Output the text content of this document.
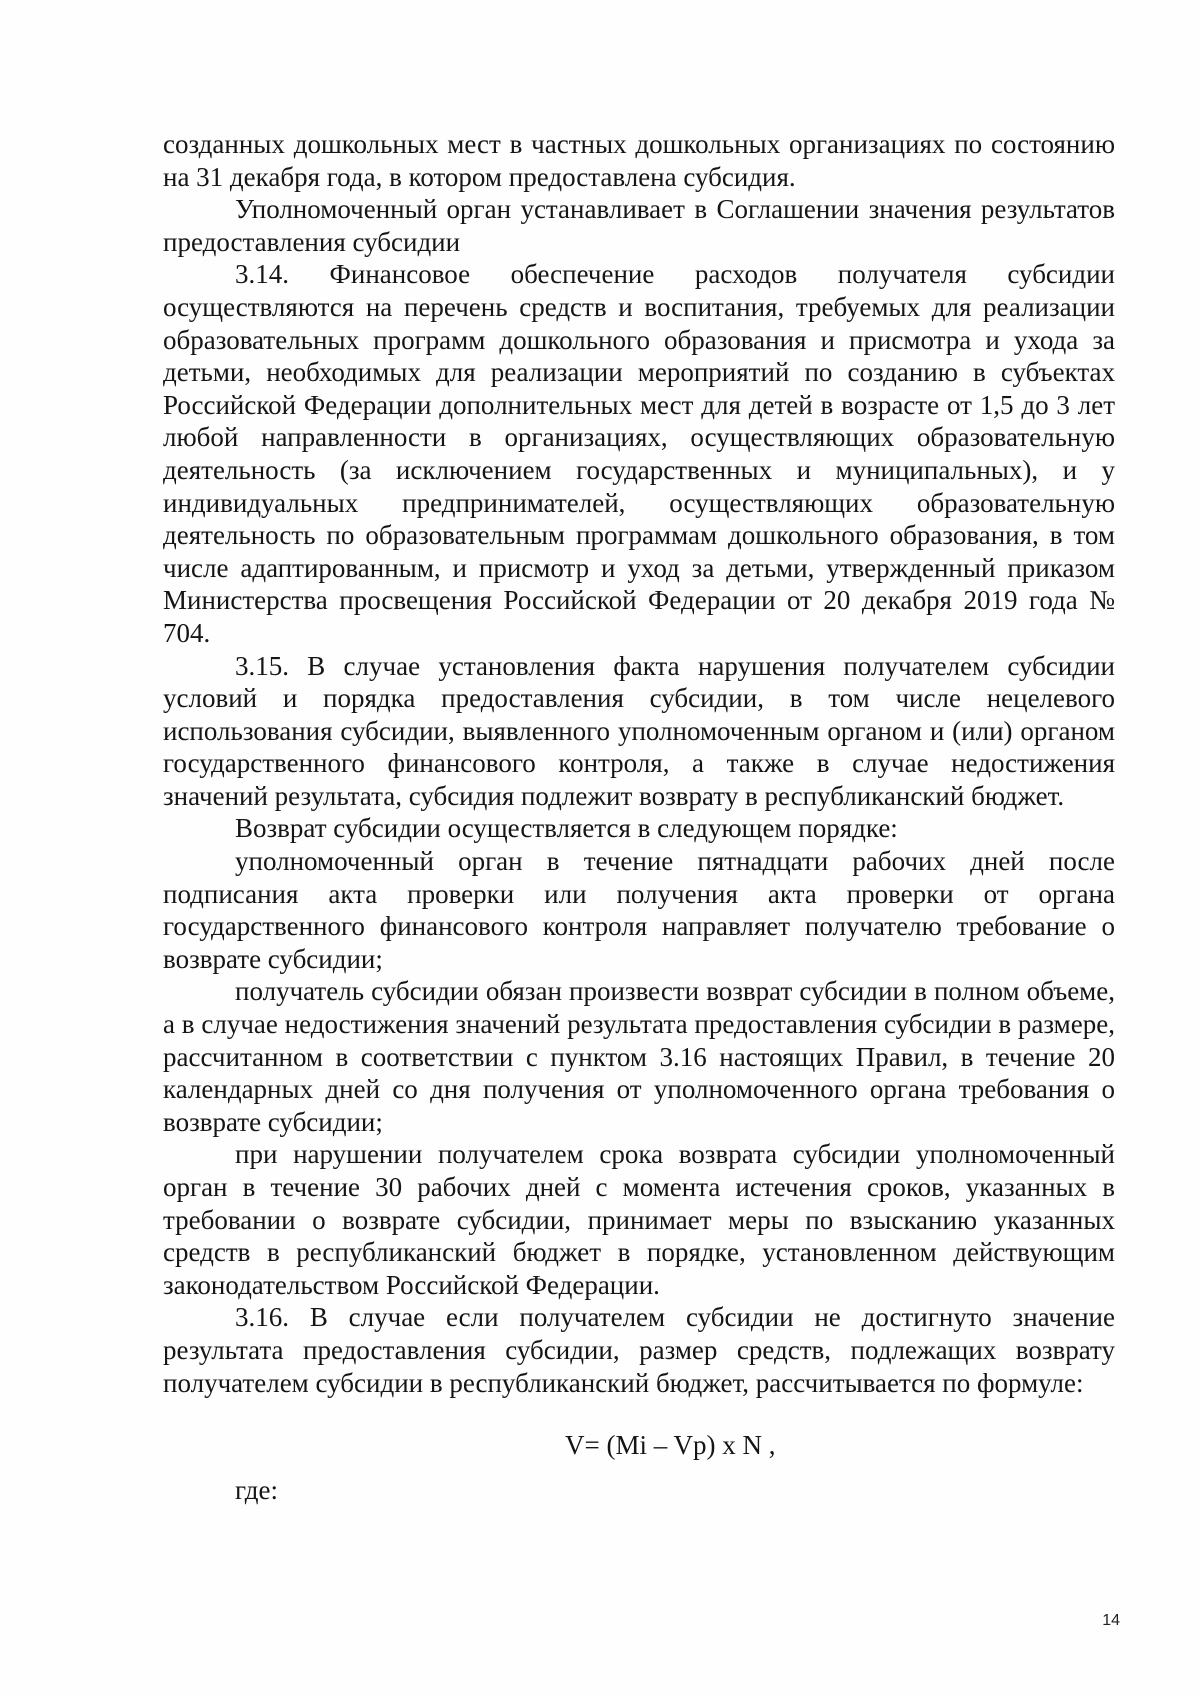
созданных дошкольных мест в частных дошкольных организациях по состоянию на 31 декабря года, в котором предоставлена субсидия.

Уполномоченный орган устанавливает в Соглашении значения результатов предоставления субсидии

3.14. Финансовое обеспечение расходов получателя субсидии осуществляются на перечень средств и воспитания, требуемых для реализации образовательных программ дошкольного образования и присмотра и ухода за детьми, необходимых для реализации мероприятий по созданию в субъектах Российской Федерации дополнительных мест для детей в возрасте от 1,5 до 3 лет любой направленности в организациях, осуществляющих образовательную деятельность (за исключением государственных и муниципальных), и у индивидуальных предпринимателей, осуществляющих образовательную деятельность по образовательным программам дошкольного образования, в том числе адаптированным, и присмотр и уход за детьми, утвержденный приказом Министерства просвещения Российской Федерации от 20 декабря 2019 года № 704.

3.15. В случае установления факта нарушения получателем субсидии условий и порядка предоставления субсидии, в том числе нецелевого использования субсидии, выявленного уполномоченным органом и (или) органом государственного финансового контроля, а также в случае недостижения значений результата, субсидия подлежит возврату в республиканский бюджет.

Возврат субсидии осуществляется в следующем порядке:

уполномоченный орган в течение пятнадцати рабочих дней после подписания акта проверки или получения акта проверки от органа государственного финансового контроля направляет получателю требование о возврате субсидии;

получатель субсидии обязан произвести возврат субсидии в полном объеме, а в случае недостижения значений результата предоставления субсидии в размере, рассчитанном в соответствии с пунктом 3.16 настоящих Правил, в течение 20 календарных дней со дня получения от уполномоченного органа требования о возврате субсидии;

при нарушении получателем срока возврата субсидии уполномоченный орган в течение 30 рабочих дней с момента истечения сроков, указанных в требовании о возврате субсидии, принимает меры по взысканию указанных средств в республиканский бюджет в порядке, установленном действующим законодательством Российской Федерации.

3.16. В случае если получателем субсидии не достигнуто значение результата предоставления субсидии, размер средств, подлежащих возврату получателем субсидии в республиканский бюджет, рассчитывается по формуле:

V= (Mi – Vp) x N ,

где:

14
